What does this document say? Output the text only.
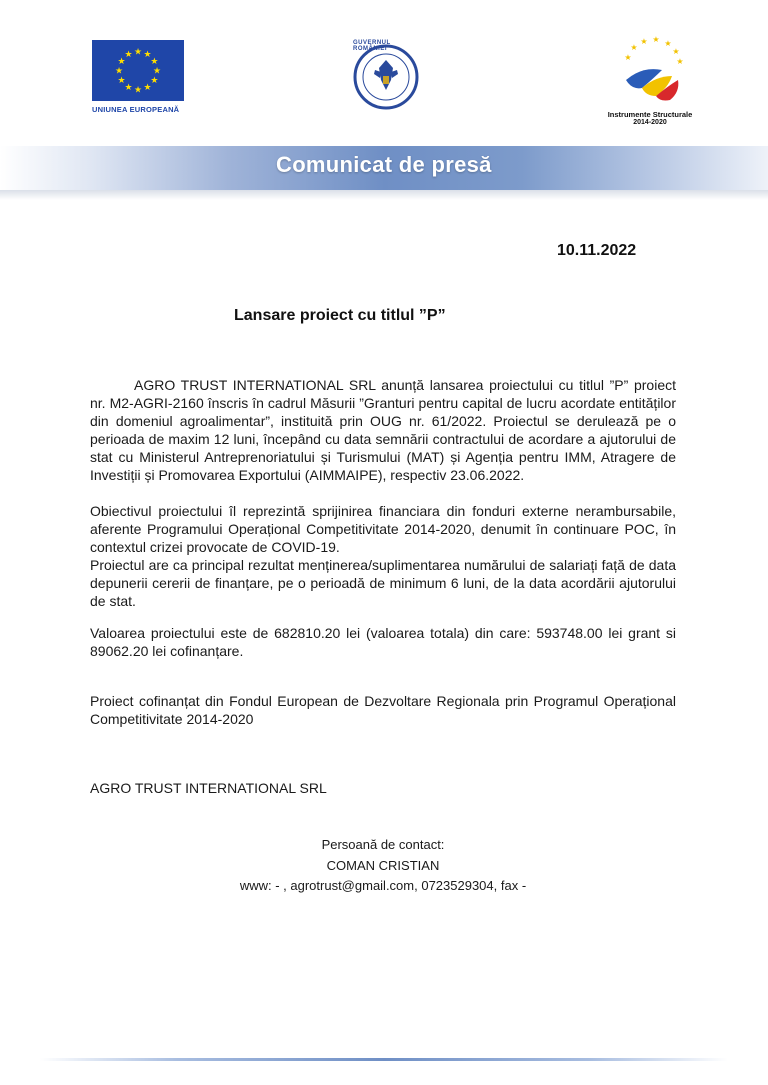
★ ★
★
★
★
★
★
★
★
★
★
★
UNIUNEA EUROPEANĂ
GUVERNUL ROMÂNIEI	★
★ ★ ★
★
★	★
Instrumente Structurale
2014-2020
Comunicat de presă
10.11.2022
Lansare proiect cu titlul ”P”
AGRO TRUST INTERNATIONAL SRL anunță lansarea proiectului cu titlul ”P” proiect nr. M2-AGRI-2160 înscris în cadrul Măsurii ”Granturi pentru capital de lucru acordate entităților din domeniul agroalimentar”, instituită prin OUG nr. 61/2022. Proiectul se derulează pe o perioada de maxim 12 luni, începând cu data semnării contractului de acordare a ajutorului de stat cu Ministerul Antreprenoriatului și Turismului (MAT) și Agenția pentru IMM, Atragere de Investiții și Promovarea Exportului (AIMMAIPE), respectiv 23.06.2022.
Obiectivul proiectului îl reprezintă sprijinirea financiara din fonduri externe nerambursabile, aferente Programului Operațional Competitivitate 2014-2020, denumit în continuare POC, în contextul crizei provocate de COVID-19.
Proiectul are ca principal rezultat menținerea/suplimentarea numărului de salariați față de data depunerii cererii de finanțare, pe o perioadă de minimum 6 luni, de la data acordării ajutorului de stat.
Valoarea proiectului este de 682810.20 lei (valoarea totala) din care: 593748.00 lei grant si 89062.20 lei cofinanțare.
Proiect cofinanțat din Fondul European de Dezvoltare Regionala prin Programul Operațional Competitivitate 2014-2020
AGRO TRUST INTERNATIONAL SRL
Persoană de contact:
COMAN CRISTIAN
www: - , agrotrust@gmail.com, 0723529304, fax -
